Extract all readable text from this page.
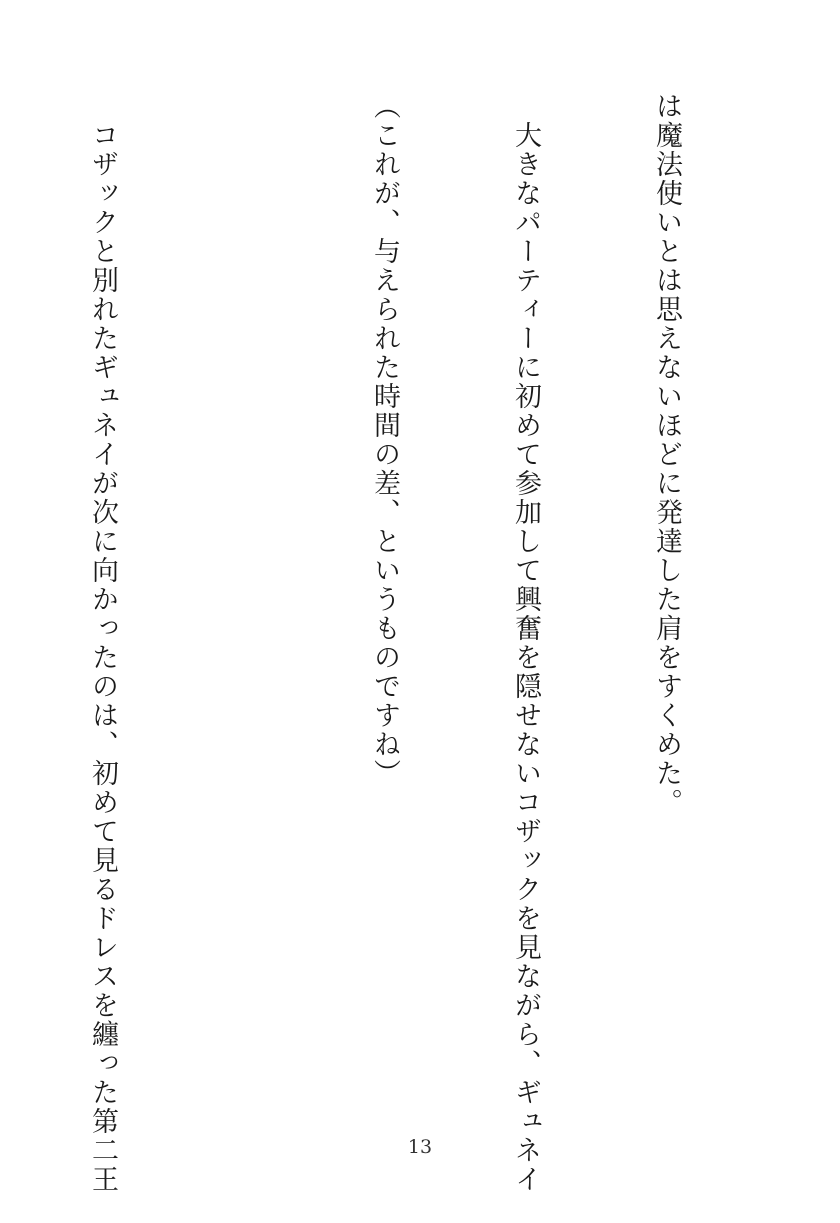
は魔法使いとは思えないほどに発達した肩をすくめた。

　大きなパーティーに初めて参加して興奮を隠せないコザックを見ながら、ギュネイ

（これが、与えられた時間の差、というものですね）

　コザックと別れたギュネイが次に向かったのは、初めて見るドレスを纏った第二王

	13
